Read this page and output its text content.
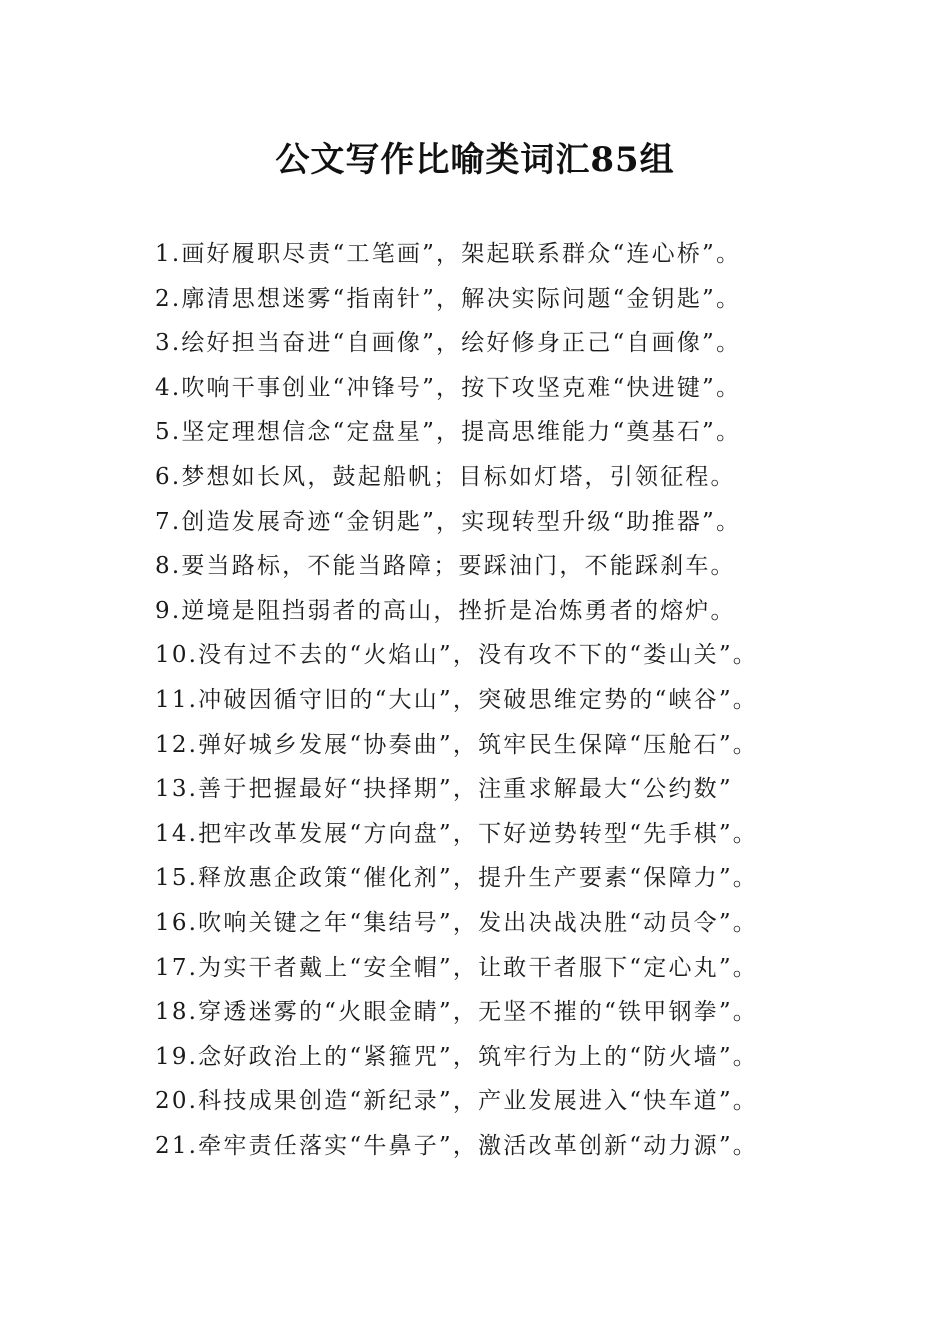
公文写作比喻类词汇85组
1.画好履职尽责“工笔画”，架起联系群众“连心桥”。
2.廓清思想迷雾“指南针”，解决实际问题“金钥匙”。
3.绘好担当奋进“自画像”，绘好修身正己“自画像”。
4.吹响干事创业“冲锋号”，按下攻坚克难“快进键”。
5.坚定理想信念“定盘星”，提高思维能力“奠基石”。
6.梦想如长风，鼓起船帆；目标如灯塔，引领征程。
7.创造发展奇迹“金钥匙”，实现转型升级“助推器”。
8.要当路标，不能当路障；要踩油门，不能踩刹车。
9.逆境是阻挡弱者的高山，挫折是冶炼勇者的熔炉。
10.没有过不去的“火焰山”，没有攻不下的“娄山关”。
11.冲破因循守旧的“大山”，突破思维定势的“峡谷”。
12.弹好城乡发展“协奏曲”，筑牢民生保障“压舱石”。
13.善于把握最好“抉择期”，注重求解最大“公约数”
14.把牢改革发展“方向盘”，下好逆势转型“先手棋”。
15.释放惠企政策“催化剂”，提升生产要素“保障力”。
16.吹响关键之年“集结号”，发出决战决胜“动员令”。
17.为实干者戴上“安全帽”，让敢干者服下“定心丸”。
18.穿透迷雾的“火眼金睛”，无坚不摧的“铁甲钢拳”。
19.念好政治上的“紧箍咒”，筑牢行为上的“防火墙”。
20.科技成果创造“新纪录”，产业发展进入“快车道”。
21.牵牢责任落实“牛鼻子”，激活改革创新“动力源”。
